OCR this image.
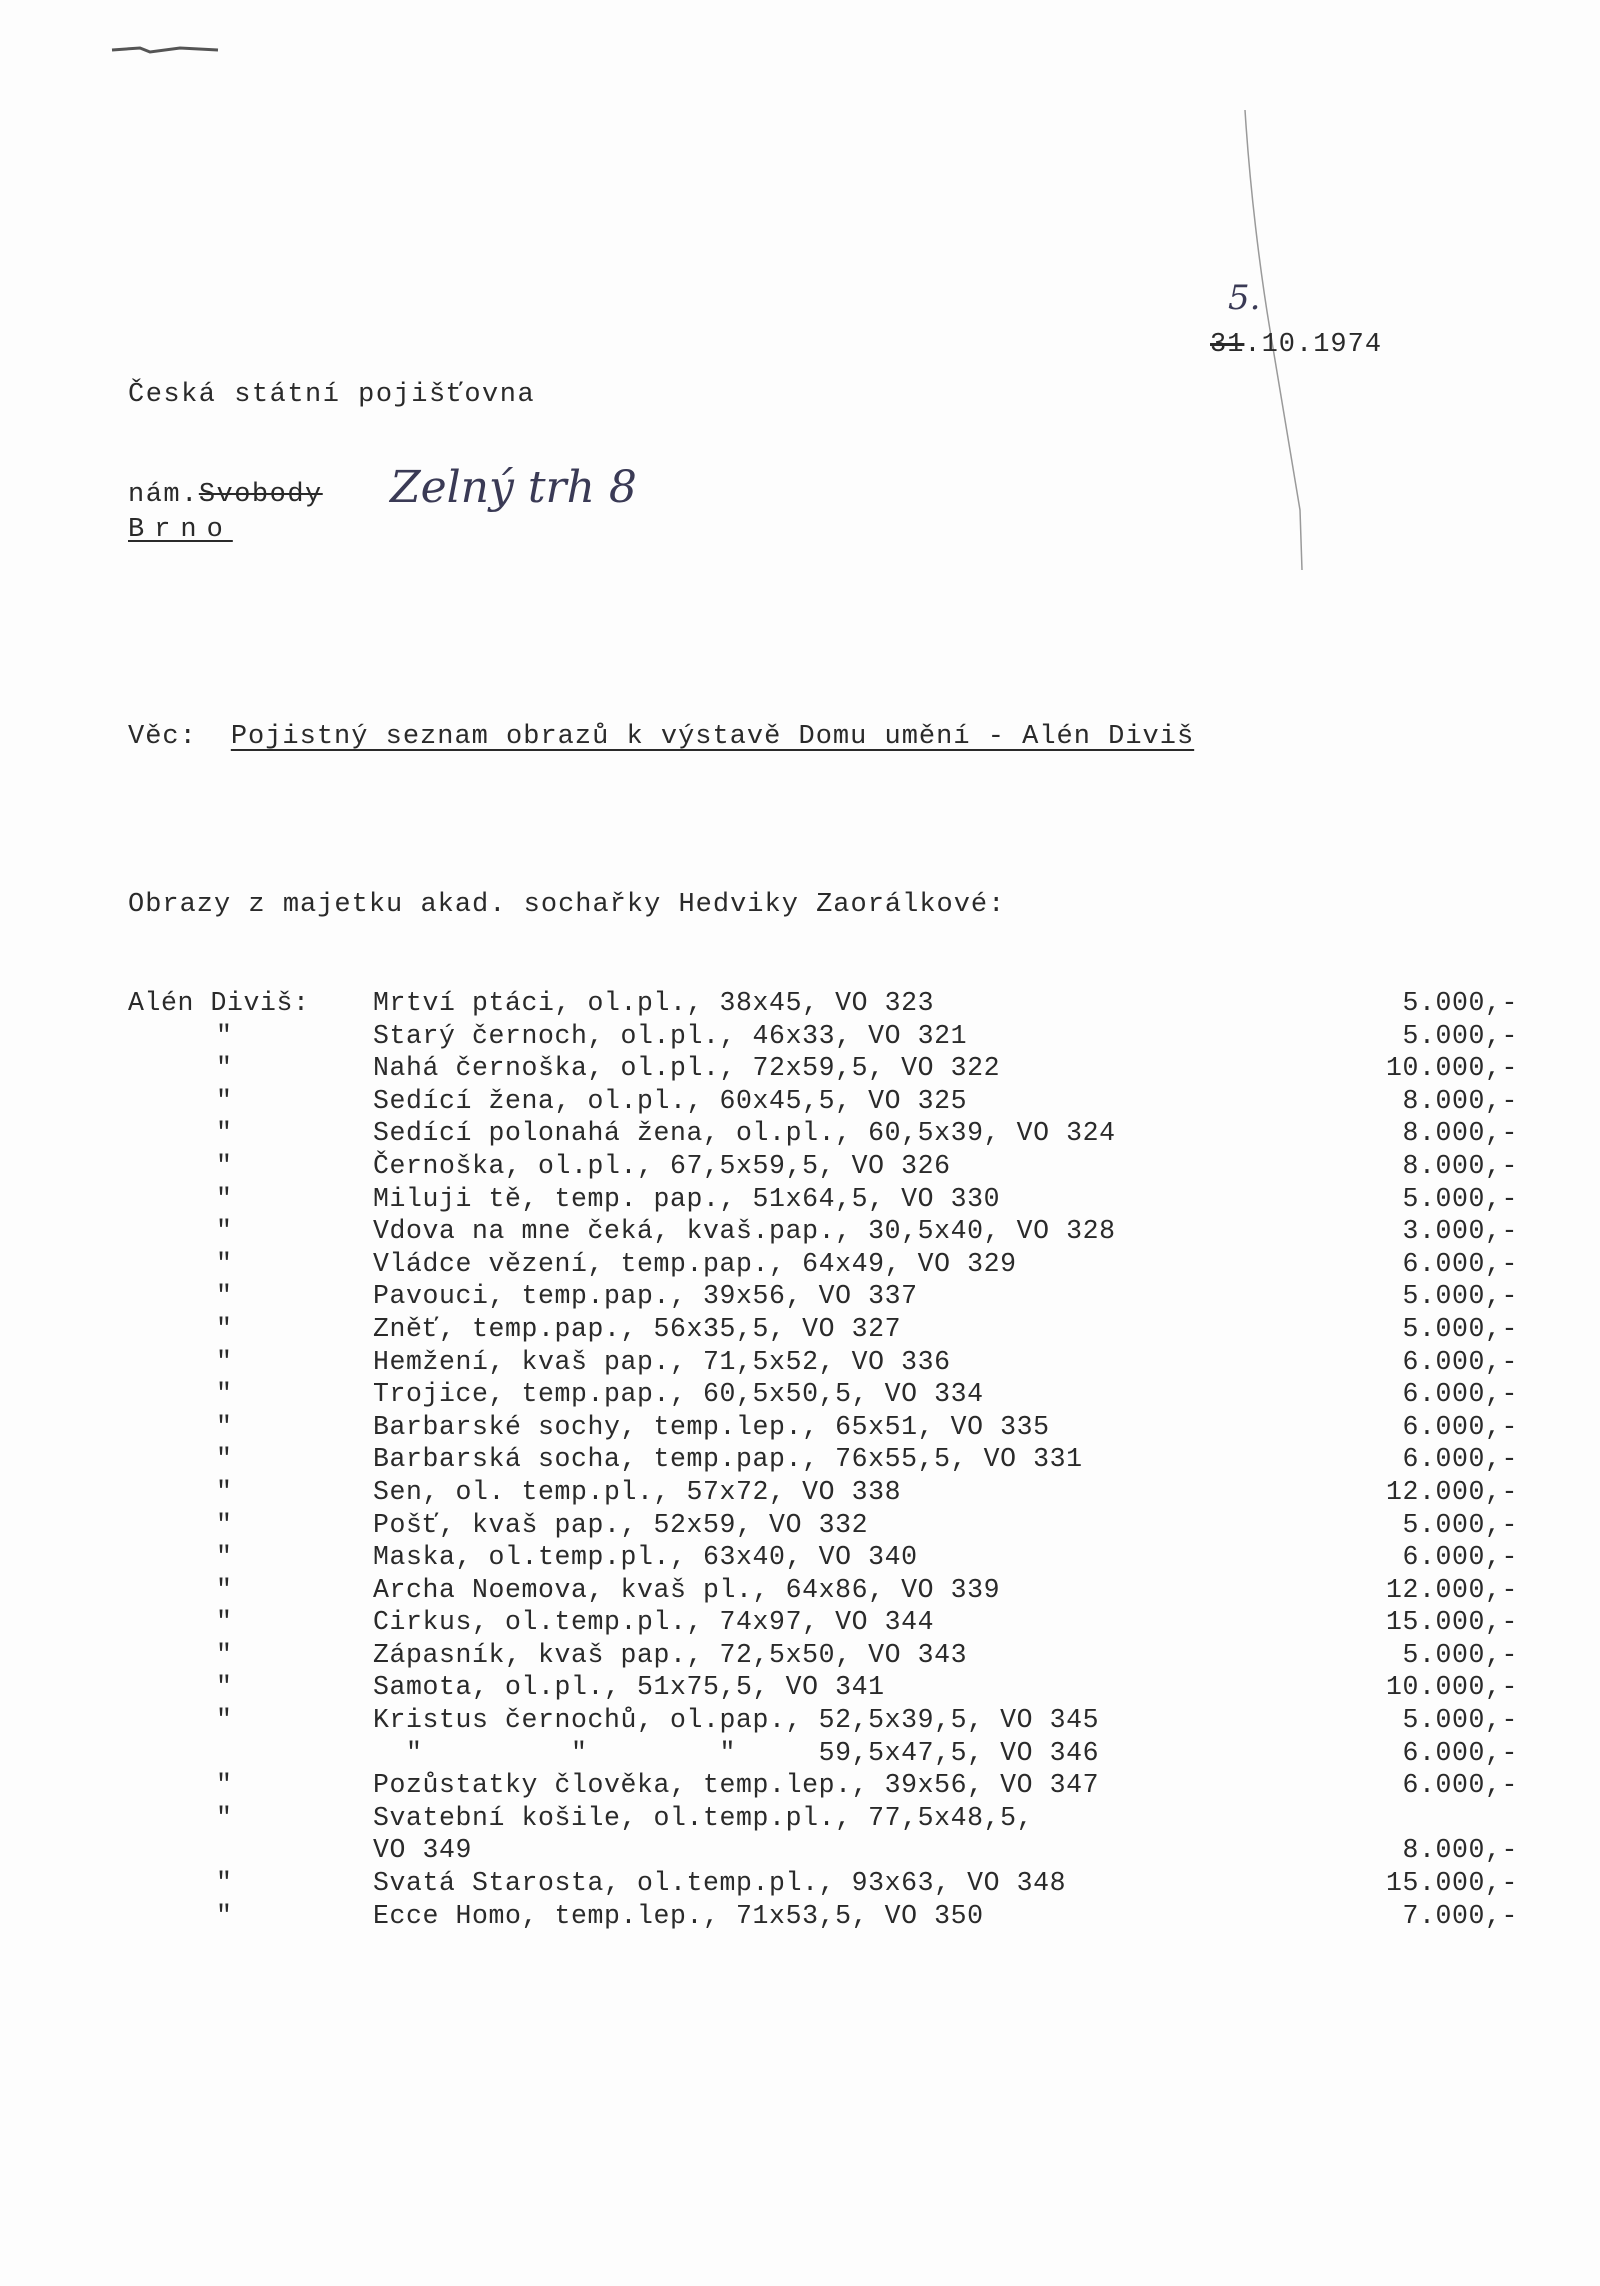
5.
31.10.1974
Česká státní pojišťovna
nám.Svobody Zelný trh 8
Brno
Věc: Pojistný seznam obrazů k výstavě Domu umění - Alén Diviš
Obrazy z majetku akad. sochařky Hedviky Zaorálkové:
Alén Diviš: Mrtví ptáci, ol.pl., 38x45, VO 323	5.000,-
"	Starý černoch, ol.pl., 46x33, VO 321	5.000,-
"	Nahá černoška, ol.pl., 72x59,5, VO 322	10.000,-
"	Sedící žena, ol.pl., 60x45,5, VO 325	8.000,-
"	Sedící polonahá žena, ol.pl., 60,5x39, VO 324	8.000,-
"	Černoška, ol.pl., 67,5x59,5, VO 326	8.000,-
"	Miluji tě, temp. pap., 51x64,5, VO 330	5.000,-
"	Vdova na mne čeká, kvaš.pap., 30,5x40, VO 328	3.000,-
"	Vládce vězení, temp.pap., 64x49, VO 329	6.000,-
"	Pavouci, temp.pap., 39x56, VO 337	5.000,-
"	Zněť, temp.pap., 56x35,5, VO 327	5.000,-
"	Hemžení, kvaš pap., 71,5x52, VO 336	6.000,-
"	Trojice, temp.pap., 60,5x50,5, VO 334	6.000,-
"	Barbarské sochy, temp.lep., 65x51, VO 335	6.000,-
"	Barbarská socha, temp.pap., 76x55,5, VO 331	6.000,-
"	Sen, ol. temp.pl., 57x72, VO 338	12.000,-
"	Pošť, kvaš pap., 52x59, VO 332	5.000,-
"	Maska, ol.temp.pl., 63x40, VO 340	6.000,-
"	Archa Noemova, kvaš pl., 64x86, VO 339	12.000,-
"	Cirkus, ol.temp.pl., 74x97, VO 344	15.000,-
"	Zápasník, kvaš pap., 72,5x50, VO 343	5.000,-
"	Samota, ol.pl., 51x75,5, VO 341	10.000,-
"	Kristus černochů, ol.pap., 52,5x39,5, VO 345	5.000,-
"         "        "     59,5x47,5, VO 346	6.000,-
"	Pozůstatky člověka, temp.lep., 39x56, VO 347	6.000,-
"	Svatební košile, ol.temp.pl., 77,5x48,5,
VO 349	8.000,-
"	Svatá Starosta, ol.temp.pl., 93x63, VO 348	15.000,-
"	Ecce Homo, temp.lep., 71x53,5, VO 350	7.000,-
